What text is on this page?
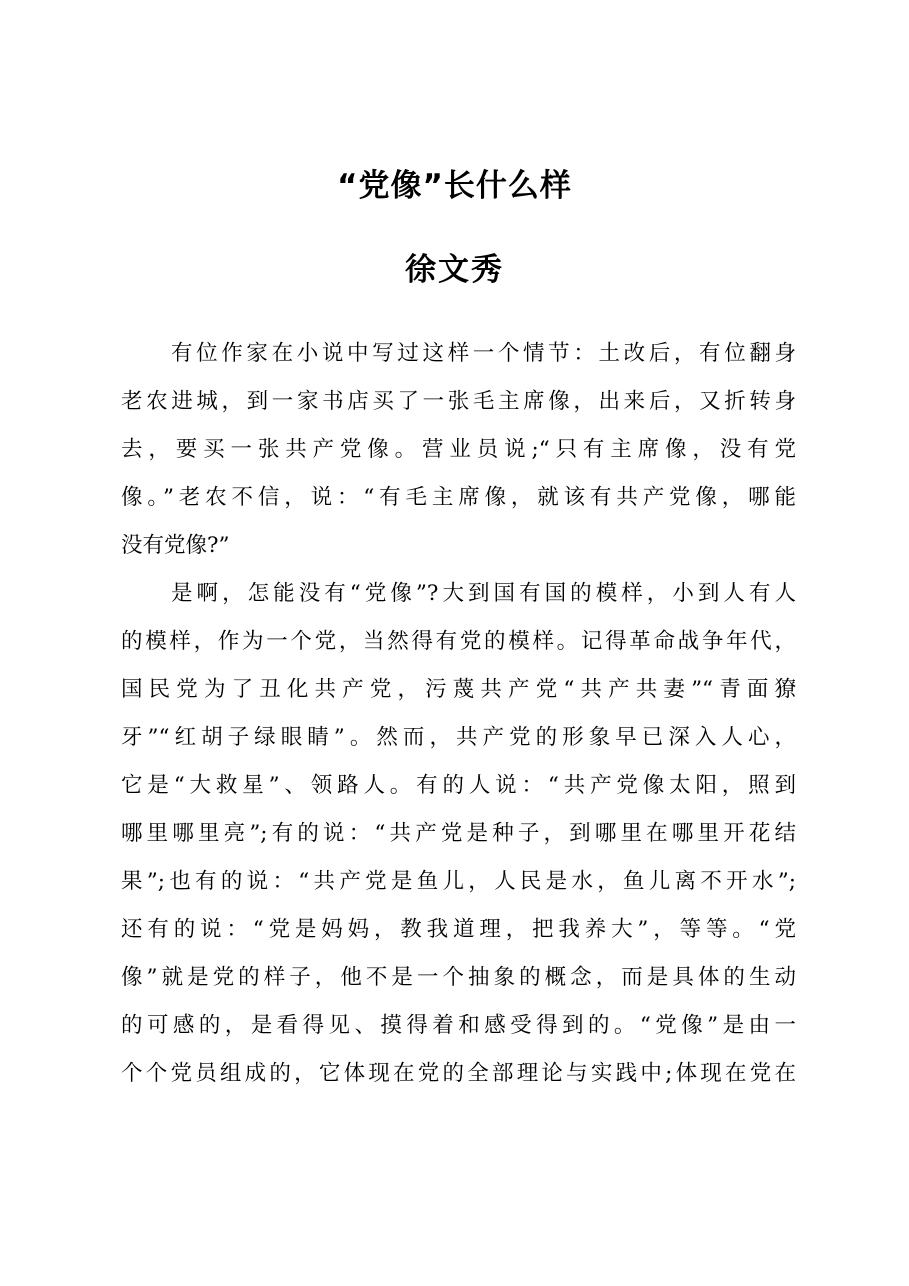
“党像”长什么样
徐文秀
有位作家在小说中写过这样一个情节：土改后，有位翻身
老农进城，到一家书店买了一张毛主席像，出来后，又折转身
去，要买一张共产党像。营业员说;“只有主席像，没有党
像。”老农不信，说：“有毛主席像，就该有共产党像，哪能
没有党像?”
是啊，怎能没有“党像”?大到国有国的模样，小到人有人
的模样，作为一个党，当然得有党的模样。记得革命战争年代，
国民党为了丑化共产党，污蔑共产党“共产共妻”“青面獠
牙”“红胡子绿眼睛”。然而，共产党的形象早已深入人心，
它是“大救星”、领路人。有的人说：“共产党像太阳，照到
哪里哪里亮”;有的说：“共产党是种子，到哪里在哪里开花结
果”;也有的说：“共产党是鱼儿，人民是水，鱼儿离不开水”;
还有的说：“党是妈妈，教我道理，把我养大”，等等。“党
像”就是党的样子，他不是一个抽象的概念，而是具体的生动
的可感的，是看得见、摸得着和感受得到的。“党像”是由一
个个党员组成的，它体现在党的全部理论与实践中;体现在党在
